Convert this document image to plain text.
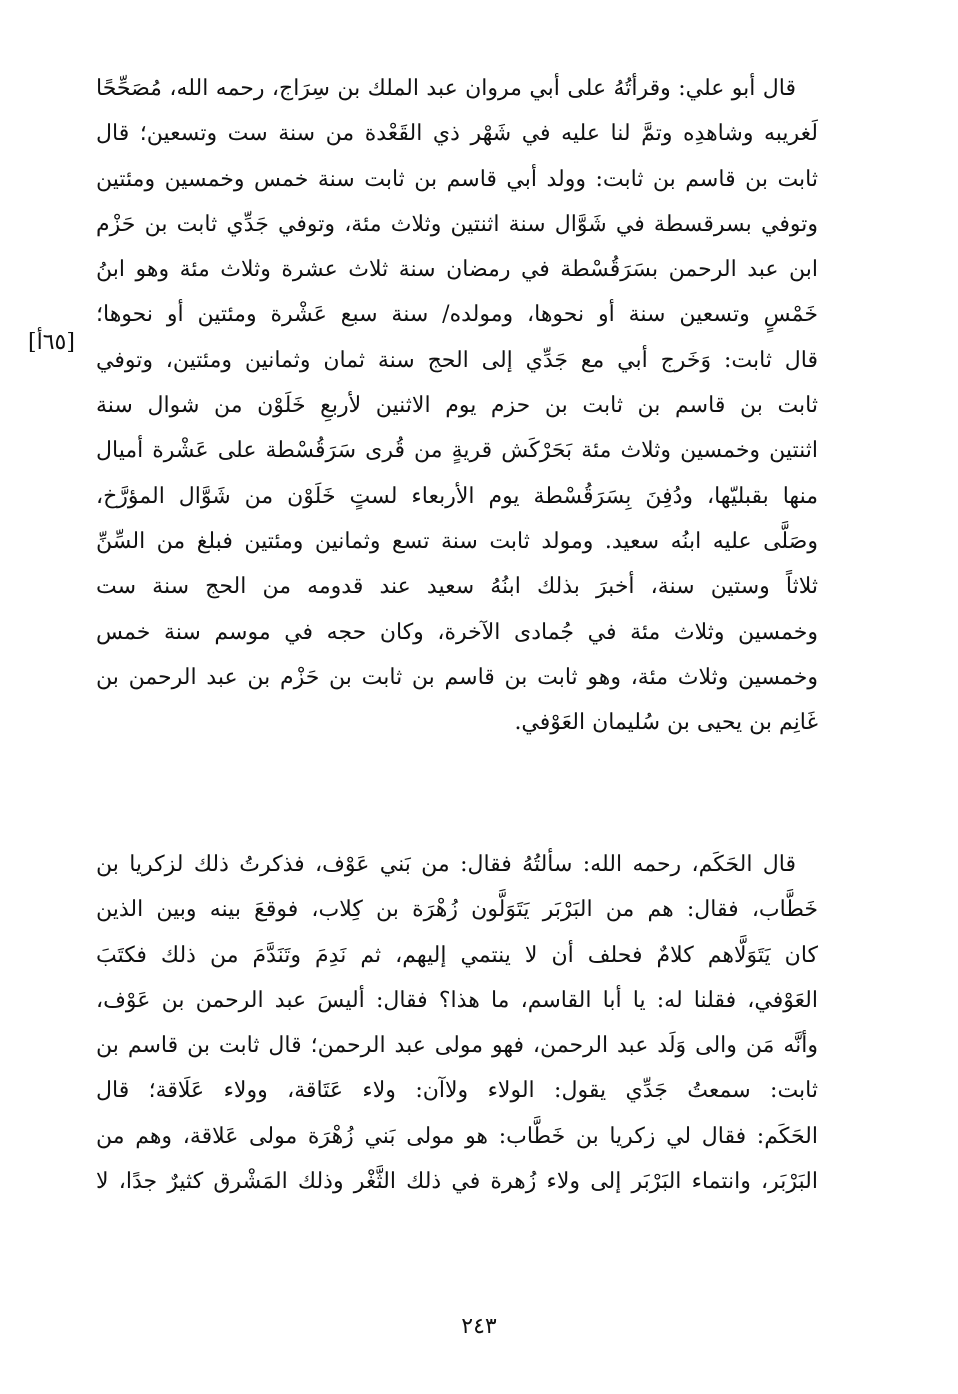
قال أبو علي: وقرأتُهُ على أبي مروان عبد الملك بن سِرَاج، رحمه الله، مُصَحِّحًا
لَغريبه وشاهدِه وتمَّ لنا عليه في شَهْر ذي القَعْدة من سنة ست وتسعين؛ قال
ثابت بن قاسم بن ثابت: وولد أبي قاسم بن ثابت سنة خمس وخمسين ومئتين
وتوفي بسرقسطة في شَوَّال سنة اثنتين وثلاث مئة، وتوفي جَدِّي ثابت بن حَزْم
ابن عبد الرحمن بسَرَقُسْطة في رمضان سنة ثلاث عشرة وثلاث مئة وهو ابنُ
خَمْسٍ وتسعين سنة أو نحوها، ومولده/ سنة سبع عَشْرة ومئتين أو نحوها؛
قال ثابت: وَخَرج أبي مع جَدِّي إلى الحج سنة ثمان وثمانين ومئتين، وتوفي
ثابت بن قاسم بن ثابت بن حزم يوم الاثنين لأربعِ خَلَوْن من شوال سنة
اثنتين وخمسين وثلاث مئة بَحَرْكَش قريةٍ من قُرى سَرَقُسْطة على عَشْرة أميال
منها بقبليّها، ودُفِنَ بِسَرَقُسْطة يوم الأربعاء لستٍ خَلَوْن من شَوَّال المؤرَّخ،
وصَلَّى عليه ابنُه سعيد. ومولد ثابت سنة تسع وثمانين ومئتين فبلغ من السِّنِّ
ثلاثاً وستين سنة، أخبرَ بذلك ابنُهُ سعيد عند قدومه من الحج سنة ست
وخمسين وثلاث مئة في جُمادى الآخرة، وكان حجه في موسم سنة خمس
وخمسين وثلاث مئة، وهو ثابت بن قاسم بن ثابت بن حَزْم بن عبد الرحمن بن
غَانِم بن يحيى بن سُليمان العَوْفي.
[٦٥أ]
قال الحَكَم، رحمه الله: سألتُهُ فقال: من بَني عَوْف، فذكرتُ ذلك لزكريا بن
خَطَّاب، فقال: هم من البَرْبَر يَتَوَلَّون زُهْرَة بن كِلاب، فوقعَ بينه وبين الذين
كان يَتَوَلَّاهم كلامٌ فحلف أن لا ينتمي إليهم، ثم نَدِمَ وتَنَدَّمَ من ذلك فكتَبَ
العَوْفي، فقلنا له: يا أبا القاسم، ما هذا؟ فقال: أليسَ عبد الرحمن بن عَوْف،
وأنَّه مَن والى وَلَد عبد الرحمن، فهو مولى عبد الرحمن؛ قال ثابت بن قاسم بن
ثابت: سمعتُ جَدِّي يقول: الولاء ولاآن: ولاء عَتَاقة، وولاء عَلَاقة؛ قال
الحَكَم: فقال لي زكريا بن خَطَّاب: هو مولى بَني زُهْرَة مولى عَلاقة، وهم من
البَرْبَر، وانتماء البَرْبَر إلى ولاء زُهرة في ذلك الثَّغْر وذلك المَشْرق كثيرٌ جدًا، لا
٢٤٣
